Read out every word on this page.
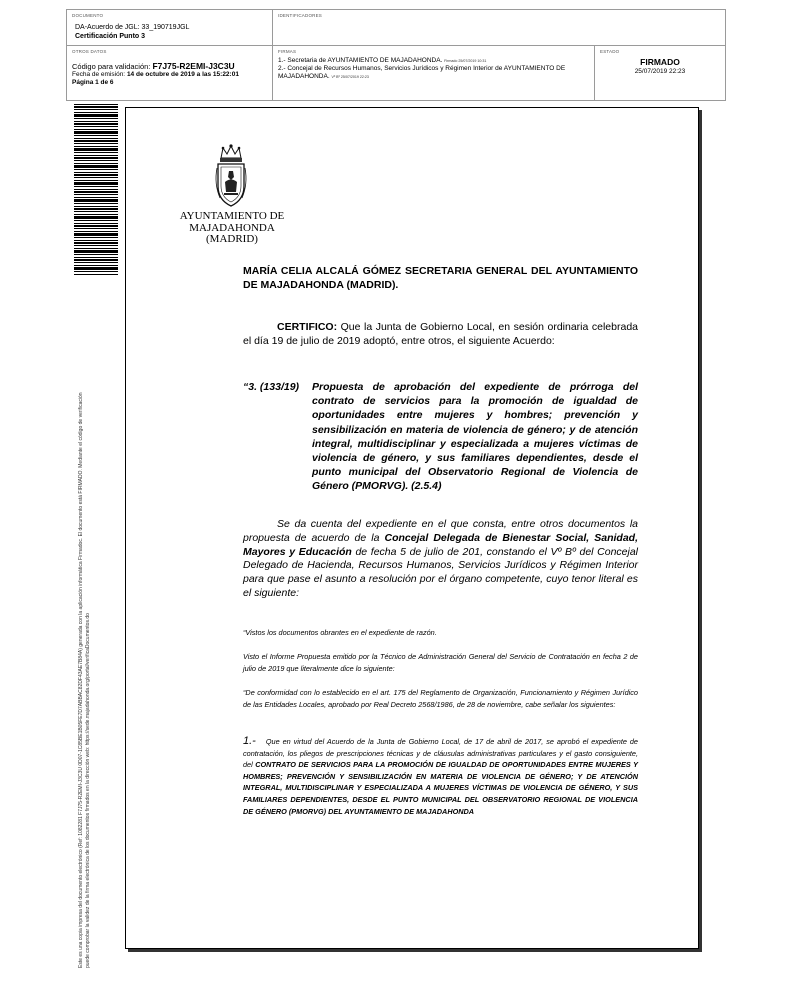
DOCUMENTO
DA-Acuerdo de JGL: 33_190719JGL
Certificación Punto 3
IDENTIFICADORES
OTROS DATOS
Código para validación: F7J75-R2EMI-J3C3U
Fecha de emisión: 14 de octubre de 2019 a las 15:22:01
Página 1 de 6
FIRMAS
1.- Secretaria de AYUNTAMIENTO DE MAJADAHONDA. Firmado 25/07/2019 10:31
2.- Concejal de Recursos Humanos, Servicios Jurídicos y Régimen Interior de AYUNTAMIENTO DE MAJADAHONDA. Vº Bº 25/07/2019 22:23
ESTADO
FIRMADO
25/07/2019 22:23
Este es una copia impresa del documento electrónico (Ref: 1082281 F7J75-R2EMI-J3C3U 0D07-1C85BE1B05FE7D7ABBAC82DF43AE7B84A) generada con la aplicación informática Firmadoc. El documento está FIRMADO. Mediante el código de verificación puede comprobar la validez de la firma electrónica de los documentos firmados en la dirección web: https://sede.majadahonda.org/portal/verificaDocumentos.do
AYUNTAMIENTO DE
MAJADAHONDA
(MADRID)

MARÍA CELIA ALCALÁ GÓMEZ SECRETARIA GENERAL DEL AYUNTAMIENTO DE MAJADAHONDA (MADRID).

CERTIFICO: Que la Junta de Gobierno Local, en sesión ordinaria celebrada el día 19 de julio de 2019 adoptó, entre otros, el siguiente Acuerdo:

“3. (133/19) Propuesta de aprobación del expediente de prórroga del contrato de servicios para la promoción de igualdad de oportunidades entre mujeres y hombres; prevención y sensibilización en materia de violencia de género; y de atención integral, multidisciplinar y especializada a mujeres víctimas de violencia de género, y sus familiares dependientes, desde el punto municipal del Observatorio Regional de Violencia de Género (PMORVG). (2.5.4)

Se da cuenta del expediente en el que consta, entre otros documentos la propuesta de acuerdo de la Concejal Delegada de Bienestar Social, Sanidad, Mayores y Educación de fecha 5 de julio de 201, constando el Vº Bº del Concejal Delegado de Hacienda, Recursos Humanos, Servicios Jurídicos y Régimen Interior para que pase el asunto a resolución por el órgano competente, cuyo tenor literal es el siguiente:

“Vistos los documentos obrantes en el expediente de razón.

Visto el Informe Propuesta emitido por la Técnico de Administración General del Servicio de Contratación en fecha 2 de julio de 2019 que literalmente dice lo siguiente:

“De conformidad con lo establecido en el art. 175 del Reglamento de Organización, Funcionamiento y Régimen Jurídico de las Entidades Locales, aprobado por Real Decreto 2568/1986, de 28 de noviembre, cabe señalar los siguientes:

1.- Que en virtud del Acuerdo de la Junta de Gobierno Local, de 17 de abril de 2017, se aprobó el expediente de contratación, los pliegos de prescripciones técnicas y de cláusulas administrativas particulares y el gasto consiguiente, del CONTRATO DE SERVICIOS PARA LA PROMOCIÓN DE IGUALDAD DE OPORTUNIDADES ENTRE MUJERES Y HOMBRES; PREVENCIÓN Y SENSIBILIZACIÓN EN MATERIA DE VIOLENCIA DE GÉNERO; Y DE ATENCIÓN INTEGRAL, MULTIDISCIPLINAR Y ESPECIALIZADA A MUJERES VÍCTIMAS DE VIOLENCIA DE GÉNERO, Y SUS FAMILIARES DEPENDIENTES, DESDE EL PUNTO MUNICIPAL DEL OBSERVATORIO REGIONAL DE VIOLENCIA DE GÉNERO (PMORVG) DEL AYUNTAMIENTO DE MAJADAHONDA
